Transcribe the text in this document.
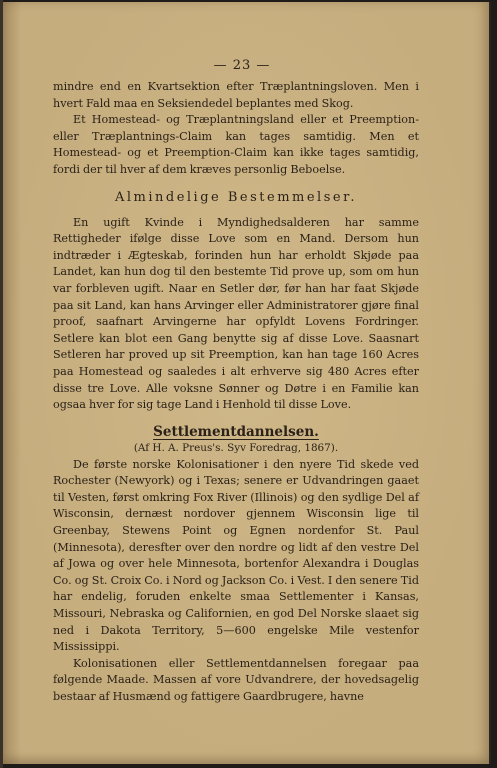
— 23 —

mindre end en Kvartsektion efter Træplantningsloven. Men i hvert Fald maa en Seksiendedel beplantes med Skog.

Et Homestead- og Træplantningsland eller et Preemption- eller Træplantnings-Claim kan tages samtidig. Men et Homestead- og et Preemption-Claim kan ikke tages samtidig, fordi der til hver af dem kræves personlig Beboelse.

Almindelige Bestemmelser.

En ugift Kvinde i Myndighedsalderen har samme Rettigheder ifølge disse Love som en Mand. Dersom hun indtræder i Ægteskab, forinden hun har erholdt Skjøde paa Landet, kan hun dog til den bestemte Tid prove up, som om hun var forbleven ugift. Naar en Setler dør, før han har faat Skjøde paa sit Land, kan hans Arvinger eller Administratorer gjøre final proof, saafnart Arvingerne har opfyldt Lovens Fordringer. Setlere kan blot een Gang benytte sig af disse Love. Saasnart Setleren har proved up sit Preemption, kan han tage 160 Acres paa Homestead og saaledes i alt erhverve sig 480 Acres efter disse tre Love. Alle voksne Sønner og Døtre i en Familie kan ogsaa hver for sig tage Land i Henhold til disse Love.

Settlementdannelsen.
(Af H. A. Preus's. Syv Foredrag, 1867).

De første norske Kolonisationer i den nyere Tid skede ved Rochester (Newyork) og i Texas; senere er Udvandringen gaaet til Vesten, først omkring Fox River (Illinois) og den sydlige Del af Wisconsin, dernæst nordover gjennem Wisconsin lige til Greenbay, Stewens Point og Egnen nordenfor St. Paul (Minnesota), deresfter over den nordre og lidt af den vestre Del af Jowa og over hele Minnesota, bortenfor Alexandra i Douglas Co. og St. Croix Co. i Nord og Jackson Co. i Vest. I den senere Tid har endelig, foruden enkelte smaa Settlementer i Kansas, Missouri, Nebraska og Californien, en god Del Norske slaaet sig ned i Dakota Territory, 5—600 engelske Mile vestenfor Mississippi.

Kolonisationen eller Settlementdannelsen foregaar paa følgende Maade. Massen af vore Udvandrere, der hovedsagelig bestaar af Husmænd og fattigere Gaardbrugere, havne
